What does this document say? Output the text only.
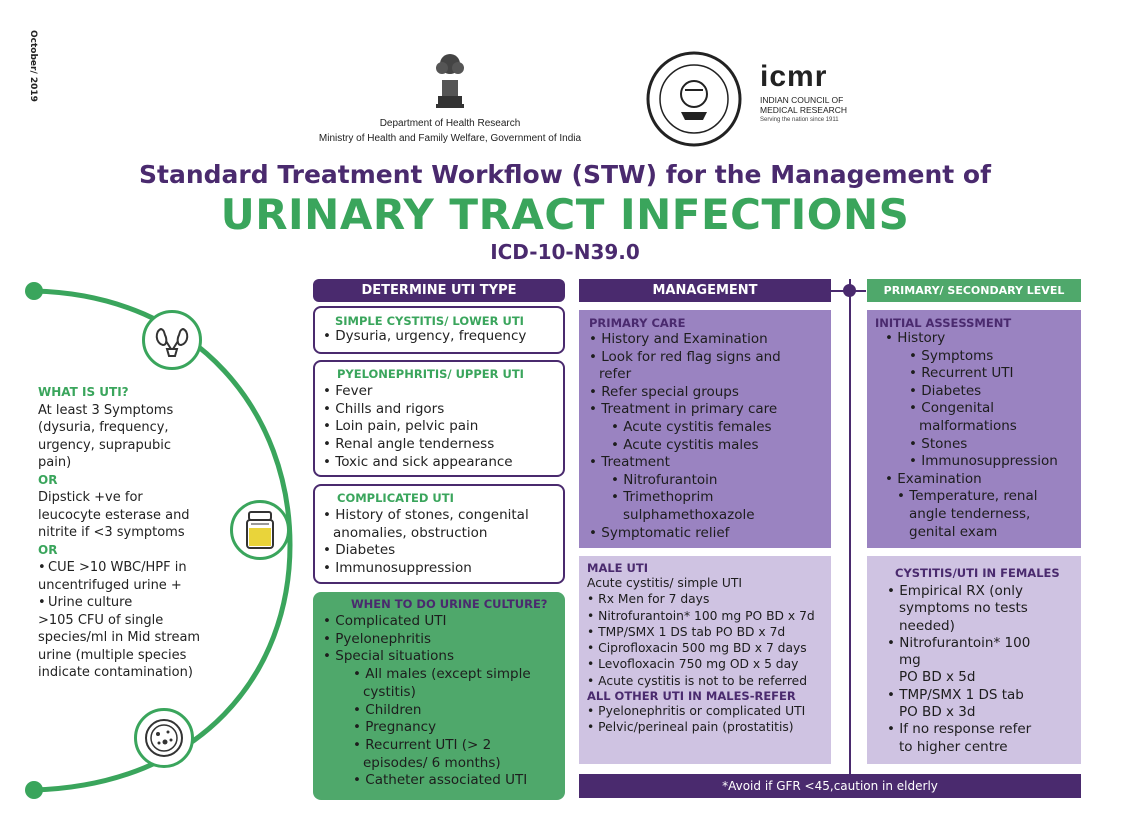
October/ 2019
Department of Health Research
Ministry of Health and Family Welfare, Government of India
icmr
INDIAN COUNCIL OF
MEDICAL RESEARCH
Serving the nation since 1911
Standard Treatment Workflow (STW) for the Management of
URINARY TRACT INFECTIONS
ICD-10-N39.0
WHAT IS UTI?
At least 3 Symptoms
(dysuria, frequency,
urgency, suprapubic
pain)
OR
Dipstick +ve for
leucocyte esterase and
nitrite if <3 symptoms
OR
• CUE >10 WBC/HPF in
uncentrifuged urine +
• Urine culture
>105 CFU of single
species/ml in Mid stream
urine (multiple species
indicate contamination)
DETERMINE UTI TYPE
SIMPLE CYSTITIS/ LOWER UTI
• Dysuria, urgency, frequency
PYELONEPHRITIS/ UPPER UTI
• Fever
• Chills and rigors
• Loin pain, pelvic pain
• Renal angle tenderness
• Toxic and sick appearance
COMPLICATED UTI
• History of stones, congenital
anomalies, obstruction
• Diabetes
• Immunosuppression
WHEN TO DO URINE CULTURE?
• Complicated UTI
• Pyelonephritis
• Special situations
• All males (except simple
cystitis)
• Children
• Pregnancy
• Recurrent UTI (> 2
episodes/ 6 months)
• Catheter associated UTI
MANAGEMENT
PRIMARY CARE
• History and Examination
• Look for red flag signs and
refer
• Refer special groups
• Treatment in primary care
• Acute cystitis females
• Acute cystitis males
• Treatment
• Nitrofurantoin
• Trimethoprim
sulphamethoxazole
• Symptomatic relief
MALE UTI
Acute cystitis/ simple UTI
• Rx Men for 7 days
• Nitrofurantoin* 100 mg PO BD x 7d
• TMP/SMX 1 DS tab PO BD x 7d
• Ciprofloxacin 500 mg BD x 7 days
• Levofloxacin 750 mg OD x 5 day
• Acute cystitis is not to be referred
ALL OTHER UTI IN MALES-REFER
• Pyelonephritis or complicated UTI
• Pelvic/perineal pain (prostatitis)
PRIMARY/ SECONDARY LEVEL
INITIAL ASSESSMENT
• History
• Symptoms
• Recurrent UTI
• Diabetes
• Congenital
malformations
• Stones
• Immunosuppression
• Examination
• Temperature, renal
angle tenderness,
genital exam
CYSTITIS/UTI IN FEMALES
• Empirical RX (only
symptoms no tests
needed)
• Nitrofurantoin* 100
mg
PO BD x 5d
• TMP/SMX 1 DS tab
PO BD x 3d
• If no response refer
to higher centre
*Avoid if GFR <45,caution in elderly
